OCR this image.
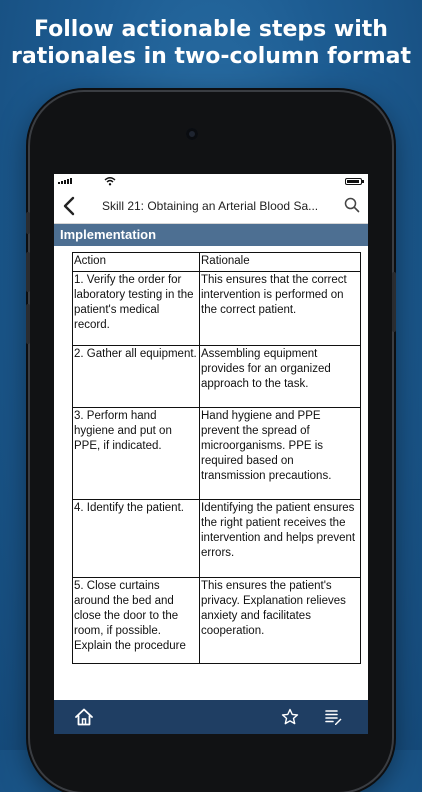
Follow actionable steps with
rationales in two-column format
Skill 21: Obtaining an Arterial Blood Sa...
Implementation
Action	Rationale
1. Verify the order for laboratory testing in the patient's medical record.	This ensures that the correct intervention is performed on the correct patient.
2. Gather all equipment.	Assembling equipment provides for an organized approach to the task.
3. Perform hand hygiene and put on PPE, if indicated.	Hand hygiene and PPE prevent the spread of microorganisms. PPE is required based on transmission precautions.
4. Identify the patient.	Identifying the patient ensures the right patient receives the intervention and helps prevent errors.
5. Close curtains around the bed and close the door to the room, if possible. Explain the procedure	This ensures the patient's privacy. Explanation relieves anxiety and facilitates cooperation.
